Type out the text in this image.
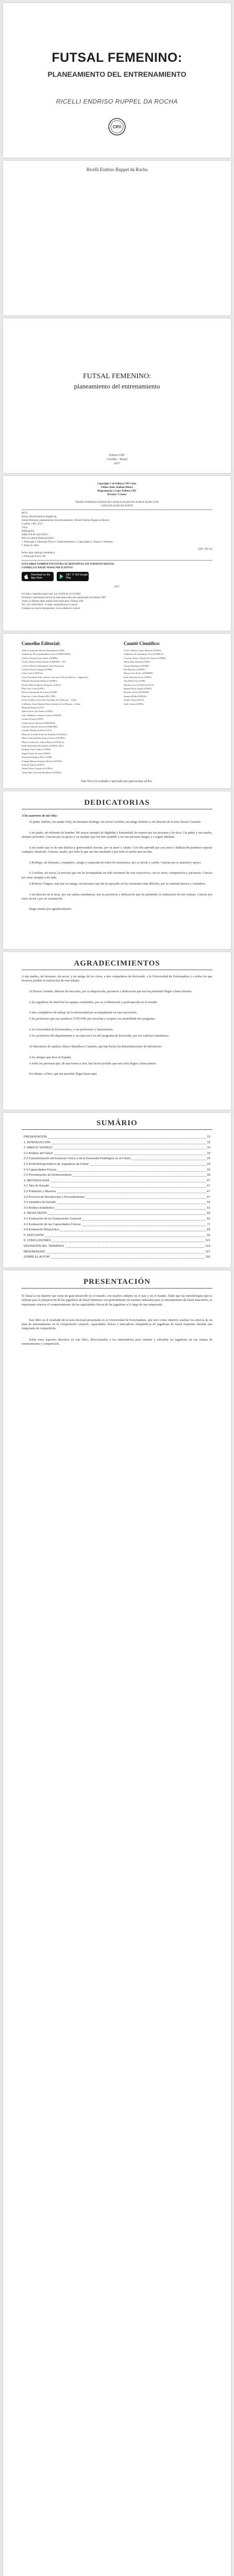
FUTSAL FEMENINO:
PLANEAMIENTO DEL ENTRENAMIENTO
RICELLI ENDRISO RUPPEL DA ROCHA
CRV
Ricelli Endriso Ruppel da Rocha
FUTSAL FEMENINO:
planeamiento del entrenamiento
Editora CRV
Curitiba – Brasil
2017
Copyright © da Editora CRV Ltda.
Editor-chefe: Railson Moura
Diagramação e Capa: Editora CRV
Revisão: O Autor
DADOS INTERNACIONAIS DE CATALOGAÇÃO-NA-PUBLICAÇÃO (CIP)
CATALOGAÇÃO NA FONTE
R672
Rocha, Ricelli Endriso Ruppel da.
Futsal femenino: planeamiento del entrenamiento / Ricelli Endriso Ruppel da Rocha –
Curitiba: CRV, 2017.
156 p.
Bibliografia
ISBN 978-85-444-1850-1
DOI 10.24824/978854441850.1
1. Educação 2. Educação Física 3. Futsal femenino 4. Capacidades 5. Planes 6. Sistemas
I. Título II. Série
CDU 796.332
Índice para catálogo sistemático
1. Educação Física 796
ESTA OBRA TAMBÉM ENCONTRA-SE DISPONÍVEL EM FORMATO DIGITAL.
CONHEÇA E BAIXE NOSSO APLICATIVO!
Download on the App Store
GET IT ON Google Play
2017
Foi feito o depósito legal conf. Lei 10.994 de 14/12/2004
Proibida a reprodução parcial ou total desta obra sem autorização da Editora CRV
Todos os direitos desta edição reservados pela: Editora CRV
Tel.: (41) 3039-6418 - E-mail: sac@editoracrv.com.br
Conheça os nossos lançamentos: www.editoracrv.com.br
Conselho Editorial:	Comitê Científico:
Aldira Guimarães Duarte Domínguez (UNB)
Andréia da Silva Quintanilha Sousa (UNIR/UFRN)
Antônio Pereira Gaio Júnior (UFRRJ)
Carlos Alberto Vilar Estêvão (UMINHO – PT)
Carlos Federico Dominguez Avila (Unieuro)
Carmen Tereza Velanga (UNIR)
Celso Conti (UFSCar)
Cesar Gerónimo Tello (Univer. Nacional Três de Febrero – Argentina)
Eduardo Fernandes Barbosa (UFMG)
Elione Maria Nogueira Diogenes (UFAL)
Élsio José Corá (UFFS)
Elizeu Clementino de Souza (UNEB)
Francisco Carlos Duarte (PUC-PR)
Gloria Fariñas León (Universidade de La Havana – Cuba)
Guillermo Arias Beatón (Universidade de La Havana – Cuba)
Helmuth Krüger (UCP)
Jailson Alves dos Santos (UFRJ)
João Adalberto Campato Junior (UNESP)
Josania Portela (UFPI)
Leonel Severo Rocha (UNISINOS)
Lídia de Oliveira Xavier (UNIEURO)
Lourdes Helena da Silva (UFV)
Maria de Lourdes Pinto de Almeida (UNOESC)
Maria Lília Imbiriba Sousa Colares (UFOPA)
Maria Cristina dos Santos Bezerra (UFSCar)
Paulo Romualdo Hernandes (UNIFAL-MG)
Rodrigo Pratte-Santos (UFES)
Sérgio Nunes de Jesus (IFRO)
Simone Rodrigues Pinto (UNB)
Solange Helena Ximenes-Rocha (UFOPA)
Sydione Santos (UEPG)
Tadeu Oliver Gonçalves (UFPA)
Tania Suely Azevedo Brasileiro (UFOPA)
Carlos Alberto Lopes Moreira (UFMG)
Guilherme de Azambuja Torres (UFRGS)
Luciano Alonso Valente dos Santos (UFRB)
Maria Elisa Bonfim (UFSJ)
Cassio Hartmann (UFSM)
Elói Bonatto (UDESC)
Maria Lúcia Freire (UNIMEP)
Paulo Ricardo Fortes (UFFS)
Ana Maria Vaz (UNB)
Mariana Luz de Oliveira (UCS)
Raquel Porto Alegre (UFRN)
Ricardo Alves (UNOPAR)
Samara Hilda (UFRGS)
Sandro Souza (UCS)
Sueli Gomes (UFRJ)
Este livro foi avaliado e aprovado por pareceristas ad hoc.
DEDICATORIAS
A los maestros de mi vida:
Al padre Adelino, mi madre Nely, mi hermano Rodrigo, mi novia Caroline, mi amigo Roberto y mi director de la tesis Doctor Gerardo.
A mi padre, mi referente de hombre. Mi mayor ejemplo de dignidad y honestidad, de respeto por las personas y de ética. Un padre y una madre, siempre presentes. Gracias por su apoyo y su ejemplo que me han ayudado a ser una persona íntegra y a seguir adelante.
A mi madre que es de una dulzura y generosidad enorme, por su amor y cariño. Con ella aprendí que con amor y dedicación podemos superar cualquier obstáculo. Gracias, madre, por todo lo que me has enseñado y por todo el cariño que me das.
A Rodrigo, mi hermano, compañero, amigo y camarada de todos los momentos, por su afecto y cariño. Gracias por tu amistad y apoyo.
A Caroline, mi novia, la persona que me ha acompañado en todo momento de esta trayectoria, con su amor, comprensión y paciencia. Gracias por estar siempre a mi lado.
A Roberto Vergara, más que un amigo, un hermano que me ha apoyado en los momentos más difíciles, por su amistad sincera y verdadera.
A mi director de la tesis, por sus sabias enseñanzas, por su paciencia y dedicación que ha permitido la realización de este trabajo. Gracias por creer en mí y por su orientación.
Diego martin por agradecimiento.
AGRADECIMIENTOS
A mis padres, mi hermano, mi novia, y mi amigo de los vinos, a mis compañeros de doctorado, a la Universidad de Extremadura y a todos los que hicieron posible la realización de este trabajo.
Al Doctor Gerardo, director de esta tesis, por su disposición, paciencia y dedicación que nos ha permitido llegar a buen término.
A las jugadoras de futsal de los equipos estudiados, por su colaboración y participación en el estudio.
A mis compañeros de trabajo de la universidad por acompañarme en esta trayectoria.
A las profesoras que me ayudaron CONANP, por escuchar y aceptar con amabilidad mis preguntas.
A la Universidad de Extremadura, a sus profesores y funcionarios.
A los profesores del departamento y en especial a los del programa de doctorado, por sus valiosas enseñanzas.
Al laboratorio de análisis clínico Mafalboca Camarlo, que han hecho las determinaciones de laboratorio.
A los amigos que hice en España.
A todas las personas que, de una forma u otra, han hecho posible que esta obra llegue a buen puerto.
Por último, a Dios, que me permitió llegar hasta aquí.
SUMÁRIO
PRESENTACIÓN	13
1. INTRODUCCIÓN	15
2. MARCO TEÓRICO	19
2.1 Análisis del Futsal	19
2.2 Caracterización del Esfuerzo Físico y de la Demanda Fisiológica en el Futsal	24
2.3 Perfil Antropométrico de Jugadoras de Futsal	29
2.4 Capacidades Físicas	33
2.5 Periodización del Entrenamiento	39
3. METODOLOGÍA	47
3.1 Tipo de Estudio	47
3.2 Población y Muestra	47
3.3 Proceso de Recolección y Procedimientos	47
3.4 Variables de Estudio	55
3.5 Análisis Estadístico	61
4. RESULTADOS	63
4.1 Evaluación de la Composición Corporal	63
4.2 Evaluación de las Capacidades Físicas	71
4.3 Evaluación Bioquímica	83
5. DISCUSIÓN	93
6. CONCLUSIONES	121
DEFINICIÓN DEL TÉRMINOS	123
REFERENCIAS	127
SOBRE EL AUTOR	155
PRESENTACIÓN
El futsal es un deporte que tiene un gran desarrollo en el mundo, con muchos adeptos en el país y en el mundo. Dado que las metodologías que se utilizan para la preparación de las jugadoras de futsal femenino son generalmente las mismas utilizadas para el entrenamiento de futsal masculino, es importante conocer el comportamiento de las capacidades físicas de las jugadoras a lo largo de una temporada.
Este libro es el resultado de la tesis doctoral presentada en la Universidad de Extremadura, que tuvo como objetivo analizar los efectos de un plan de entrenamiento en la composición corporal, capacidades físicas y marcadores bioquímicos de jugadoras de futsal femenino durante una temporada de competición.
Sobre estos aspectos descritos en este libro, direccionados a los entrenadores para orientar y subsidiar las jugadoras en sus rutinas de entrenamiento y competición.
